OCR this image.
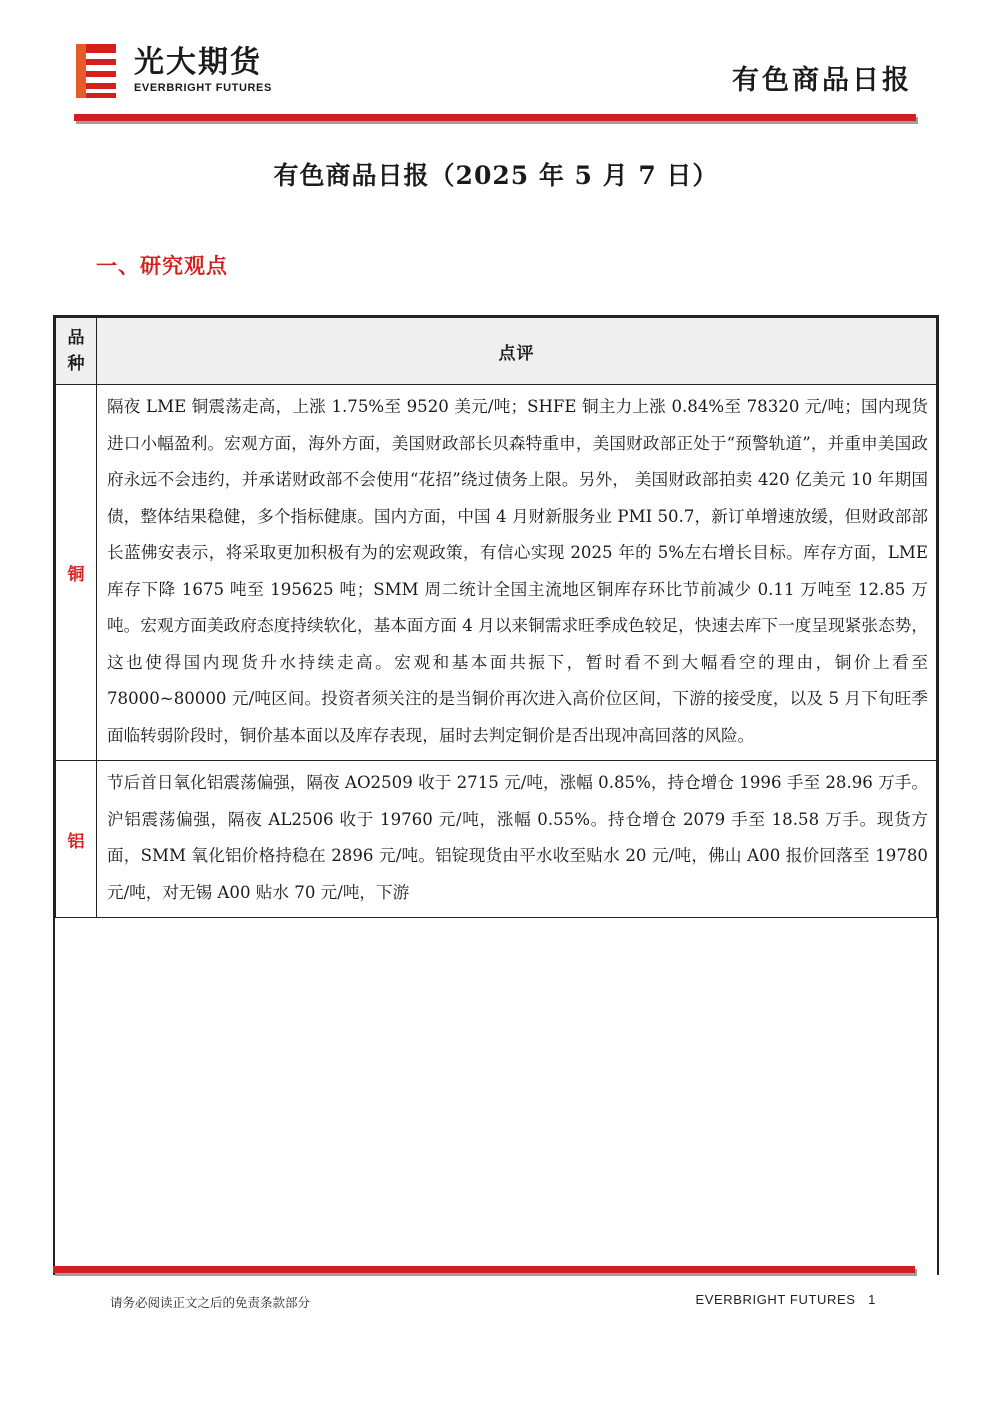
光大期货
EVERBRIGHT FUTURES	有色商品日报
有色商品日报（2025 年 5 月 7 日）
一、研究观点
品
种	点评
铜	隔夜 LME 铜震荡走高，上涨 1.75%至 9520 美元/吨；SHFE 铜主力上涨 0.84%至 78320 元/吨；国内现货进口小幅盈利。宏观方面，海外方面，美国财政部长贝森特重申，美国财政部正处于“预警轨道”，并重申美国政府永远不会违约，并承诺财政部不会使用“花招”绕过债务上限。另外， 美国财政部拍卖 420 亿美元 10 年期国债，整体结果稳健，多个指标健康。国内方面，中国 4 月财新服务业 PMI 50.7，新订单增速放缓，但财政部部长蓝佛安表示，将采取更加积极有为的宏观政策，有信心实现 2025 年的 5%左右增长目标。库存方面，LME 库存下降 1675 吨至 195625 吨；SMM 周二统计全国主流地区铜库存环比节前减少 0.11 万吨至 12.85 万吨。宏观方面美政府态度持续软化，基本面方面 4 月以来铜需求旺季成色较足，快速去库下一度呈现紧张态势，这也使得国内现货升水持续走高。宏观和基本面共振下，暂时看不到大幅看空的理由，铜价上看至 78000~80000 元/吨区间。投资者须关注的是当铜价再次进入高价位区间，下游的接受度，以及 5 月下旬旺季面临转弱阶段时，铜价基本面以及库存表现，届时去判定铜价是否出现冲高回落的风险。
铝	节后首日氧化铝震荡偏强，隔夜 AO2509 收于 2715 元/吨，涨幅 0.85%，持仓增仓 1996 手至 28.96 万手。沪铝震荡偏强，隔夜 AL2506 收于 19760 元/吨，涨幅 0.55%。持仓增仓 2079 手至 18.58 万手。现货方面，SMM 氧化铝价格持稳在 2896 元/吨。铝锭现货由平水收至贴水 20 元/吨，佛山 A00 报价回落至 19780 元/吨，对无锡 A00 贴水 70 元/吨，下游
请务必阅读正文之后的免责条款部分	EVERBRIGHT FUTURES 1
